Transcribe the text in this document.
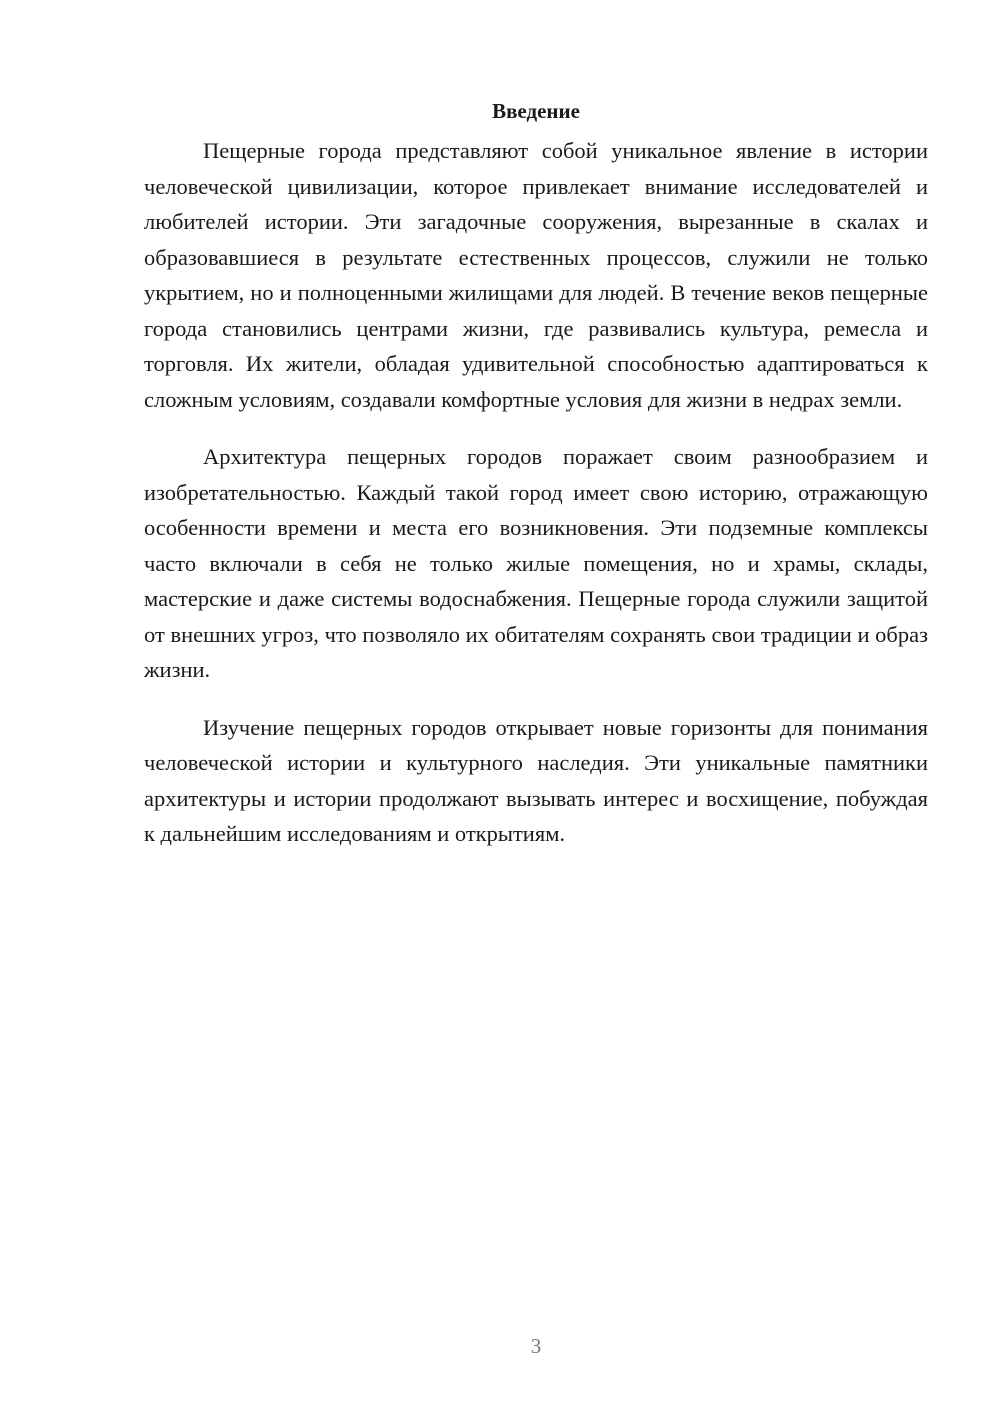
Введение

Пещерные города представляют собой уникальное явление в истории человеческой цивилизации, которое привлекает внимание исследователей и любителей истории. Эти загадочные сооружения, вырезанные в скалах и образовавшиеся в результате естественных процессов, служили не только укрытием, но и полноценными жилищами для людей. В течение веков пещерные города становились центрами жизни, где развивались культура, ремесла и торговля. Их жители, обладая удивительной способностью адаптироваться к сложным условиям, создавали комфортные условия для жизни в недрах земли.

Архитектура пещерных городов поражает своим разнообразием и изобретательностью. Каждый такой город имеет свою историю, отражающую особенности времени и места его возникновения. Эти подземные комплексы часто включали в себя не только жилые помещения, но и храмы, склады, мастерские и даже системы водоснабжения. Пещерные города служили защитой от внешних угроз, что позволяло их обитателям сохранять свои традиции и образ жизни.

Изучение пещерных городов открывает новые горизонты для понимания человеческой истории и культурного наследия. Эти уникальные памятники архитектуры и истории продолжают вызывать интерес и восхищение, побуждая к дальнейшим исследованиям и открытиям.

3
